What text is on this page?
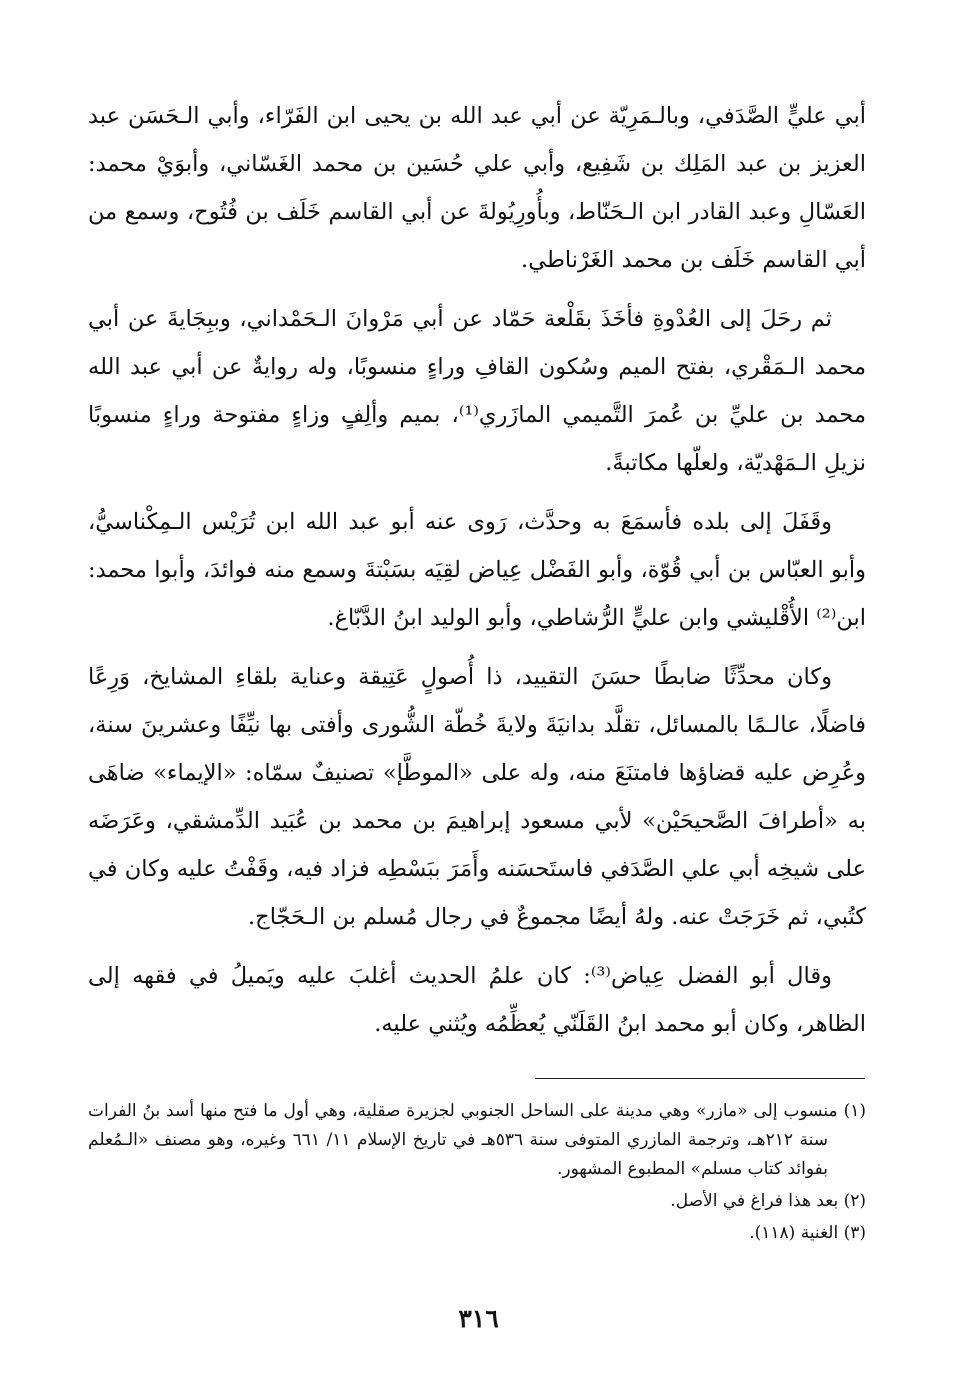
أبي عليٍّ الصَّدَفي، وبالـمَرِيّة عن أبي عبد الله بن يحيى ابن الفَرّاء، وأبي الـحَسَن عبد العزيز بن عبد المَلِك بن شَفِيع، وأبي علي حُسَين بن محمد الغَسّاني، وأبوَيْ محمد: العَسّالِ وعبد القادر ابن الـحَنّاط، وبأُورِيُولةَ عن أبي القاسم خَلَف بن فُتُوح، وسمع من أبي القاسم خَلَف بن محمد الغَرْناطي.

ثم رحَلَ إلى العُدْوةِ فأخَذَ بقَلْعة حَمّاد عن أبي مَرْوانَ الـحَمْداني، وببِجَايةَ عن أبي محمد الـمَقْري، بفتح الميم وسُكون القافِ وراءٍ منسوبًا، وله روايةٌ عن أبي عبد الله محمد بن عليِّ بن عُمرَ التَّميمي المازَري⁽¹⁾، بميم وألِفٍ وزاءٍ مفتوحة وراءٍ منسوبًا نزيلِ الـمَهْديّة، ولعلّها مكاتبةً.

وقَفَلَ إلى بلده فأسمَعَ به وحدَّث، رَوى عنه أبو عبد الله ابن تُرَيْس الـمِكْناسيُّ، وأبو العبّاس بن أبي قُوّة، وأبو الفَضْل عِياض لقِيَه بسَبْتةَ وسمع منه فوائدَ، وأبوا محمد: ابن⁽²⁾ الأُقْليشي وابن عليٍّ الرُّشاطي، وأبو الوليد ابنُ الدَّبّاغ.

وكان محدِّثًا ضابطًا حسَنَ التقييد، ذا أُصولٍ عَتِيقة وعناية بلقاءِ المشايخ، وَرِعًا فاضلًا، عالـمًا بالمسائل، تقلَّد بدانيَةَ ولايةَ خُطّة الشُّورى وأفتى بها نيِّفًا وعشرينَ سنة، وعُرِض عليه قضاؤها فامتنَعَ منه، وله على «الموطَّإ» تصنيفٌ سمّاه: «الإيماء» ضاهَى به «أطرافَ الصَّحيحَيْن» لأبي مسعود إبراهيمَ بن محمد بن عُبَيد الدِّمشقي، وعَرَضَه على شيخِه أبي علي الصَّدَفي فاستَحسَنه وأَمَرَ ببَسْطِه فزاد فيه، وقَفْتُ عليه وكان في كتُبي، ثم خَرَجَتْ عنه. ولهُ أيضًا مجموعٌ في رجال مُسلم بن الـحَجّاج.

وقال أبو الفضل عِياض⁽³⁾: كان علمُ الحديث أغلبَ عليه ويَميلُ في فقهه إلى الظاهر، وكان أبو محمد ابنُ القَلَنّي يُعظِّمُه ويُثني عليه.

(١) منسوب إلى «مازر» وهي مدينة على الساحل الجنوبي لجزيرة صقلية، وهي أول ما فتح منها أسد بنُ الفرات سنة ٢١٢هـ، وترجمة المازري المتوفى سنة ٥٣٦هـ في تاريخ الإسلام ١١/ ٦٦١ وغيره، وهو مصنف «الـمُعلم بفوائد كتاب مسلم» المطبوع المشهور.

(٢) بعد هذا فراغ في الأصل.

(٣) الغنية (١١٨).

٣١٦
